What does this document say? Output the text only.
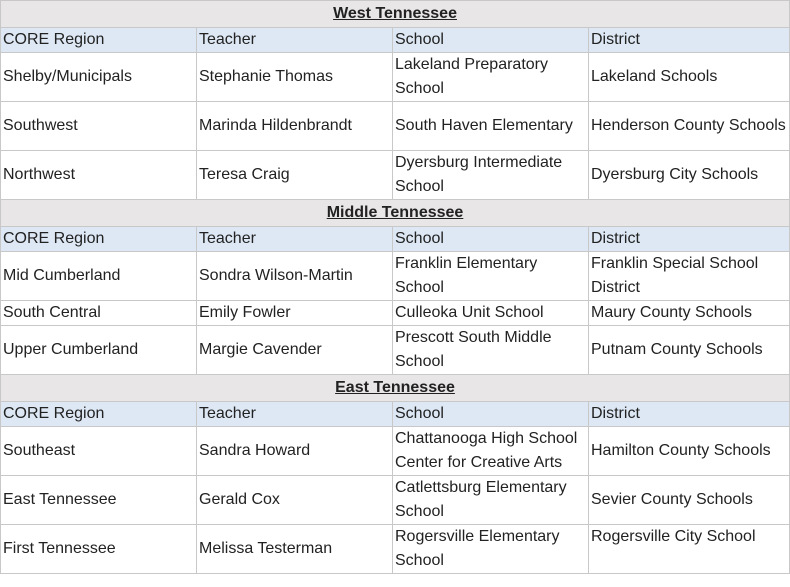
West Tennessee			
CORE Region	Teacher	School	District
Shelby/Municipals	Stephanie Thomas	Lakeland Preparatory School	Lakeland Schools
Southwest	Marinda Hildenbrandt	South Haven Elementary	Henderson County Schools
Northwest	Teresa Craig	Dyersburg Intermediate School	Dyersburg City Schools
Middle Tennessee			
CORE Region	Teacher	School	District
Mid Cumberland	Sondra Wilson-Martin	Franklin Elementary School	Franklin Special School District
South Central	Emily Fowler	Culleoka Unit School	Maury County Schools
Upper Cumberland	Margie Cavender	Prescott South Middle School	Putnam County Schools
East Tennessee			
CORE Region	Teacher	School	District
Southeast	Sandra Howard	Chattanooga High School Center for Creative Arts	Hamilton County Schools
East Tennessee	Gerald Cox	Catlettsburg Elementary School	Sevier County Schools
First Tennessee	Melissa Testerman	Rogersville Elementary School	Rogersville City School
